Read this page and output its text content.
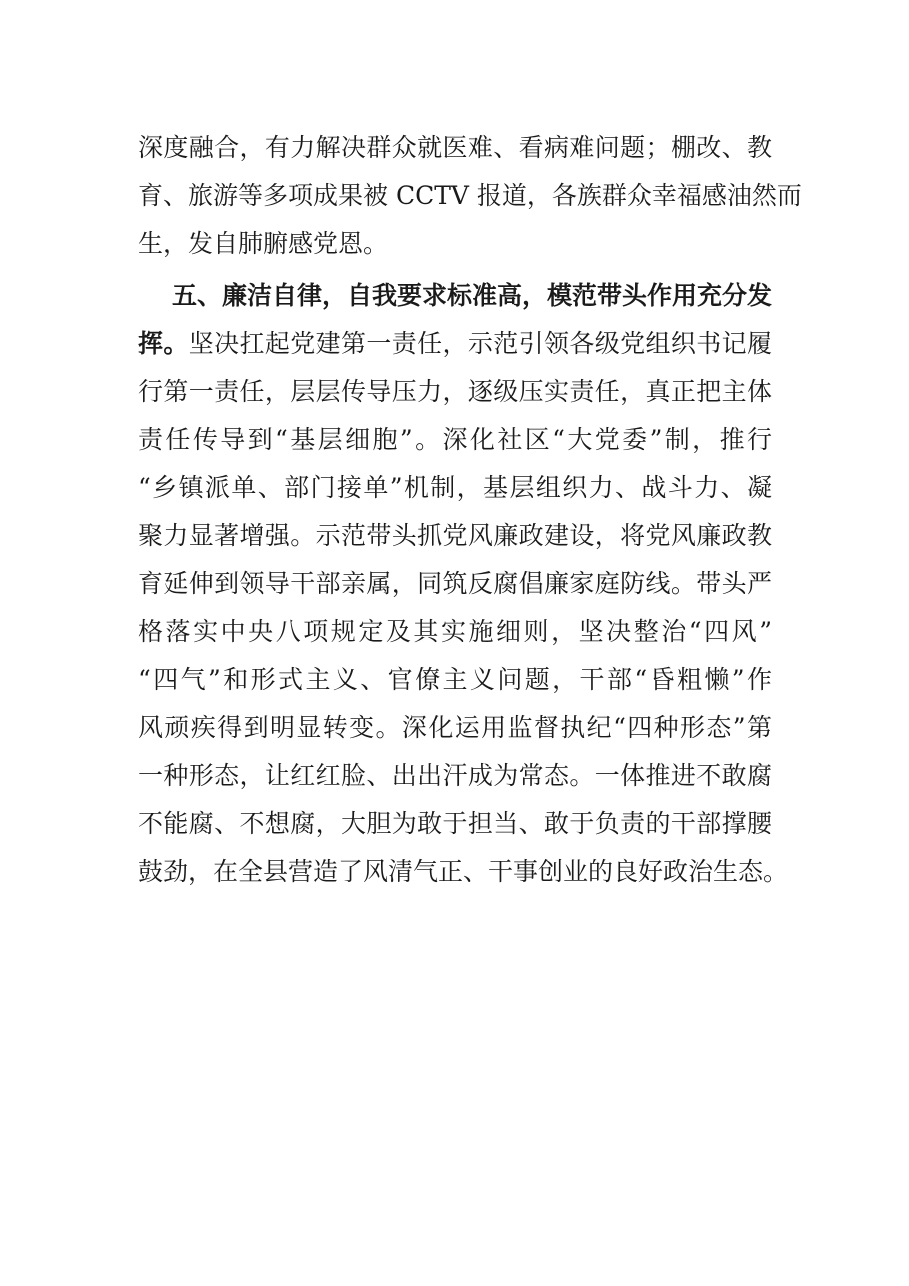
深度融合，有力解决群众就医难、看病难问题；棚改、教
育、旅游等多项成果被 CCTV 报道，各族群众幸福感油然而
生，发自肺腑感党恩。
五、廉洁自律，自我要求标准高，模范带头作用充分发
挥。坚决扛起党建第一责任，示范引领各级党组织书记履
行第一责任，层层传导压力，逐级压实责任，真正把主体
责任传导到“基层细胞”。深化社区“大党委”制，推行
“乡镇派单、部门接单”机制，基层组织力、战斗力、凝
聚力显著增强。示范带头抓党风廉政建设，将党风廉政教
育延伸到领导干部亲属，同筑反腐倡廉家庭防线。带头严
格落实中央八项规定及其实施细则，坚决整治“四风”
“四气”和形式主义、官僚主义问题，干部“昏粗懒”作
风顽疾得到明显转变。深化运用监督执纪“四种形态”第
一种形态，让红红脸、出出汗成为常态。一体推进不敢腐
不能腐、不想腐，大胆为敢于担当、敢于负责的干部撑腰
鼓劲，在全县营造了风清气正、干事创业的良好政治生态。
